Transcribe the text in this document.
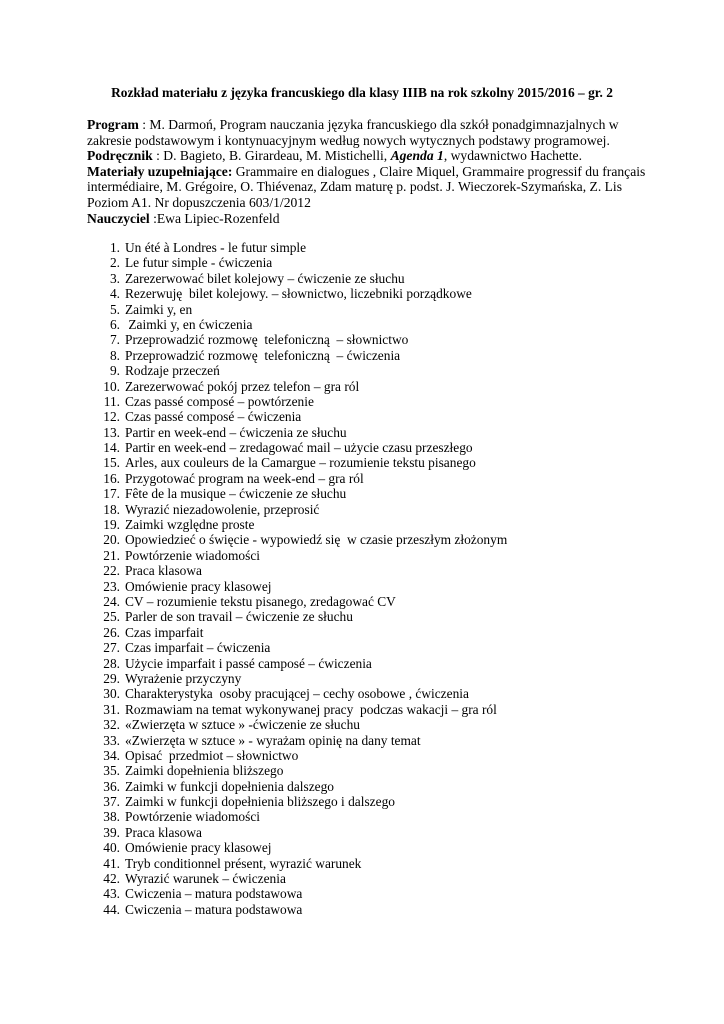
Rozkład materiału z języka francuskiego dla klasy IIIB na rok szkolny 2015/2016 – gr. 2

Program : M. Darmoń, Program nauczania języka francuskiego dla szkół ponadgimnazjalnych w zakresie podstawowym i kontynuacyjnym według nowych wytycznych podstawy programowej.

Podręcznik : D. Bagieto, B. Girardeau, M. Mistichelli, Agenda 1, wydawnictwo Hachette.

Materiały uzupełniające: Grammaire en dialogues , Claire Miquel, Grammaire progressif du français intermédiaire, M. Grégoire, O. Thiévenaz, Zdam maturę p. podst. J. Wieczorek-Szymańska, Z. Lis Poziom A1. Nr dopuszczenia 603/1/2012

Nauczyciel :Ewa Lipiec-Rozenfeld

1. Un été à Londres - le futur simple
2. Le futur simple - ćwiczenia
3. Zarezerwować bilet kolejowy – ćwiczenie ze słuchu
4. Rezerwuję  bilet kolejowy. – słownictwo, liczebniki porządkowe
5. Zaimki y, en
6. Zaimki y, en ćwiczenia
7. Przeprowadzić rozmowę  telefoniczną  – słownictwo
8. Przeprowadzić rozmowę  telefoniczną  – ćwiczenia
9. Rodzaje przeczeń
10. Zarezerwować pokój przez telefon – gra ról
11. Czas passé composé – powtórzenie
12. Czas passé composé – ćwiczenia
13. Partir en week-end – ćwiczenia ze słuchu
14. Partir en week-end – zredagować mail – użycie czasu przeszłego
15. Arles, aux couleurs de la Camargue – rozumienie tekstu pisanego
16. Przygotować program na week-end – gra ról
17. Fête de la musique – ćwiczenie ze słuchu
18. Wyrazić niezadowolenie, przeprosić
19. Zaimki względne proste
20. Opowiedzieć o święcie - wypowiedź się  w czasie przeszłym złożonym
21. Powtórzenie wiadomości
22. Praca klasowa
23. Omówienie pracy klasowej
24. CV – rozumienie tekstu pisanego, zredagować CV
25. Parler de son travail – ćwiczenie ze słuchu
26. Czas imparfait
27. Czas imparfait – ćwiczenia
28. Użycie imparfait i passé camposé – ćwiczenia
29. Wyrażenie przyczyny
30. Charakterystyka  osoby pracującej – cechy osobowe , ćwiczenia
31. Rozmawiam na temat wykonywanej pracy  podczas wakacji – gra ról
32. «Zwierzęta w sztuce » -ćwiczenie ze słuchu
33. «Zwierzęta w sztuce » - wyrażam opinię na dany temat
34. Opisać  przedmiot – słownictwo
35. Zaimki dopełnienia bliższego
36. Zaimki w funkcji dopełnienia dalszego
37. Zaimki w funkcji dopełnienia bliższego i dalszego
38. Powtórzenie wiadomości
39. Praca klasowa
40. Omówienie pracy klasowej
41. Tryb conditionnel présent, wyrazić warunek
42. Wyrazić warunek – ćwiczenia
43. Cwiczenia – matura podstawowa
44. Cwiczenia – matura podstawowa
